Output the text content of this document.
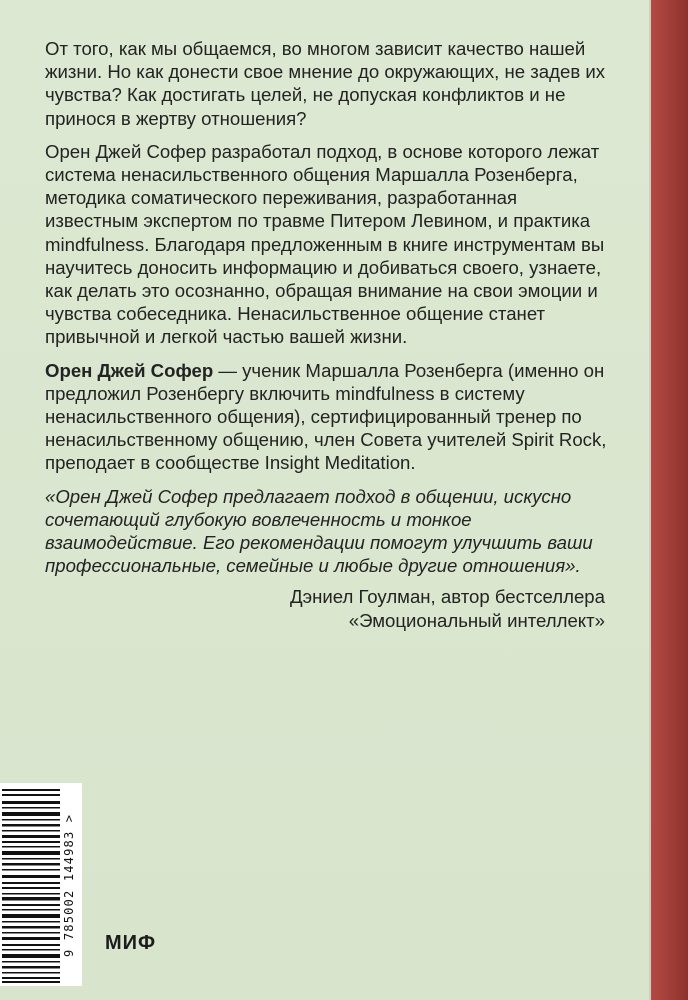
От того, как мы общаемся, во многом зависит качество нашей жизни. Но как донести свое мнение до окружающих, не задев их чувства? Как достигать целей, не допуская конфликтов и не принося в жертву отношения?

Орен Джей Софер разработал подход, в основе которого лежат система ненасильственного общения Маршалла Розенберга, методика соматического переживания, разработанная известным экспертом по травме Питером Левином, и практика mindfulness. Благодаря предложенным в книге инструментам вы научитесь доносить информацию и добиваться своего, узнаете, как делать это осознанно, обращая внимание на свои эмоции и чувства собеседника. Ненасильственное общение станет привычной и легкой частью вашей жизни.

Орен Джей Софер — ученик Маршалла Розенберга (именно он предложил Розенбергу включить mindfulness в систему ненасильственного общения), сертифицированный тренер по ненасильственному общению, член Совета учителей Spirit Rock, преподает в сообществе Insight Meditation.

«Орен Джей Софер предлагает подход в общении, искусно сочетающий глубокую вовлеченность и тонкое взаимодействие. Его рекомендации помогут улучшить ваши профессиональные, семейные и любые другие отношения».

Дэниел Гоулман, автор бестселлера
«Эмоциональный интеллект»
9 785002 144983 > МИФ
